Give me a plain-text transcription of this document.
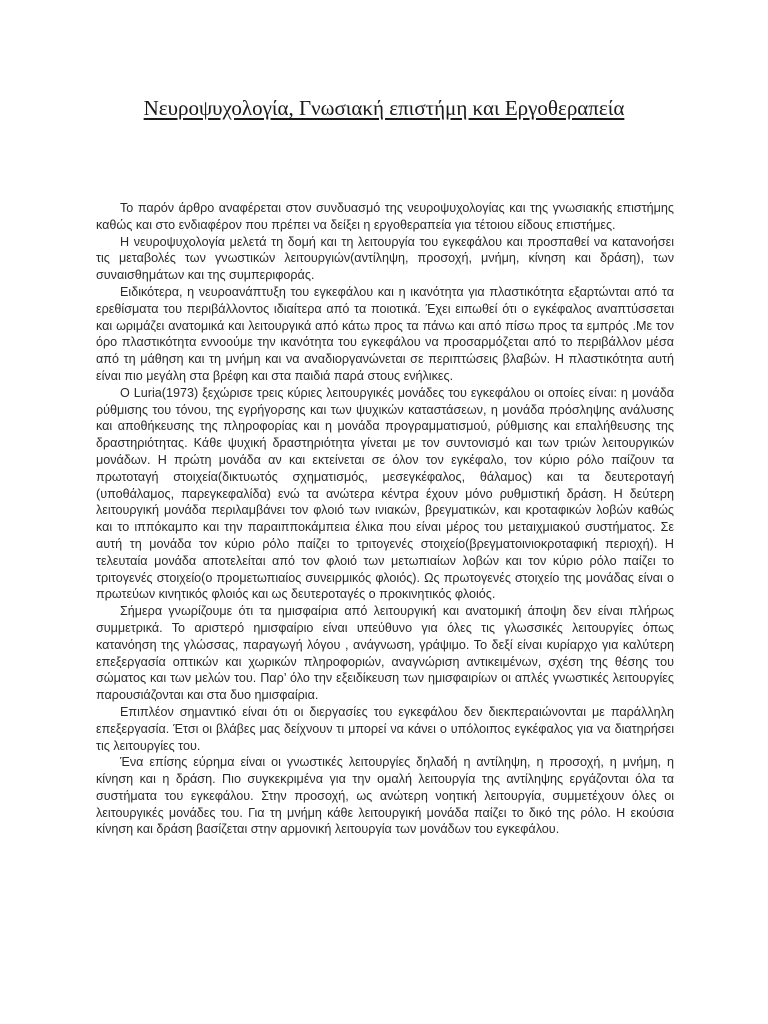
Νευροψυχολογία, Γνωσιακή επιστήμη και Εργοθεραπεία

Το παρόν άρθρο αναφέρεται στον συνδυασμό της νευροψυχολογίας και της γνωσιακής επιστήμης καθώς και στο ενδιαφέρον που πρέπει να δείξει η εργοθεραπεία για τέτοιου είδους επιστήμες.

Η νευροψυχολογία μελετά τη δομή και τη λειτουργία του εγκεφάλου και προσπαθεί να κατανοήσει τις μεταβολές των γνωστικών λειτουργιών(αντίληψη, προσοχή, μνήμη, κίνηση και δράση), των συναισθημάτων και της συμπεριφοράς.

Ειδικότερα, η νευροανάπτυξη του εγκεφάλου και η ικανότητα για πλαστικότητα εξαρτώνται από τα ερεθίσματα του περιβάλλοντος ιδιαίτερα από τα ποιοτικά. Έχει ειπωθεί ότι ο εγκέφαλος αναπτύσσεται και ωριμάζει ανατομικά και λειτουργικά από κάτω προς τα πάνω και από πίσω προς τα εμπρός .Με τον όρο πλαστικότητα εννοούμε την ικανότητα του εγκεφάλου να προσαρμόζεται από το περιβάλλον μέσα από τη μάθηση και τη μνήμη και να αναδιοργανώνεται σε περιπτώσεις βλαβών. Η πλαστικότητα αυτή είναι πιο μεγάλη στα βρέφη και στα παιδιά παρά στους ενήλικες.

Ο Luria(1973) ξεχώρισε τρεις κύριες λειτουργικές μονάδες του εγκεφάλου οι οποίες είναι: η μονάδα ρύθμισης του τόνου, της εγρήγορσης και των ψυχικών καταστάσεων, η μονάδα πρόσληψης ανάλυσης και αποθήκευσης της πληροφορίας και η μονάδα προγραμματισμού, ρύθμισης και επαλήθευσης της δραστηριότητας. Κάθε ψυχική δραστηριότητα γίνεται με τον συντονισμό και των τριών λειτουργικών μονάδων. Η πρώτη μονάδα αν και εκτείνεται σε όλον τον εγκέφαλο, τον κύριο ρόλο παίζουν τα πρωτοταγή στοιχεία(δικτυωτός σχηματισμός, μεσεγκέφαλος, θάλαμος) και τα δευτεροταγή (υποθάλαμος, παρεγκεφαλίδα) ενώ τα ανώτερα κέντρα έχουν μόνο ρυθμιστική δράση. Η δεύτερη λειτουργική μονάδα περιλαμβάνει τον φλοιό των ινιακών, βρεγματικών, και κροταφικών λοβών καθώς και το ιππόκαμπο και την παραιπποκάμπεια έλικα που είναι μέρος του μεταιχμιακού συστήματος. Σε αυτή τη μονάδα τον κύριο ρόλο παίζει το τριτογενές στοιχείο(βρεγματοινιοκροταφική περιοχή). Η τελευταία μονάδα αποτελείται από τον φλοιό των μετωπιαίων λοβών και τον κύριο ρόλο παίζει το τριτογενές στοιχείο(ο προμετωπιαίος συνειρμικός φλοιός). Ως πρωτογενές στοιχείο της μονάδας είναι ο πρωτεύων κινητικός φλοιός και ως δευτεροταγές ο προκινητικός φλοιός.

Σήμερα γνωρίζουμε ότι τα ημισφαίρια από λειτουργική και ανατομική άποψη δεν είναι πλήρως συμμετρικά. Το αριστερό ημισφαίριο είναι υπεύθυνο για όλες τις γλωσσικές λειτουργίες όπως κατανόηση της γλώσσας, παραγωγή λόγου , ανάγνωση, γράψιμο. Το δεξί είναι κυρίαρχο για καλύτερη επεξεργασία οπτικών και χωρικών πληροφοριών, αναγνώριση αντικειμένων, σχέση της θέσης του σώματος και των μελών του. Παρ’ όλο την εξειδίκευση των ημισφαιρίων οι απλές γνωστικές λειτουργίες παρουσιάζονται και στα δυο ημισφαίρια.

Επιπλέον σημαντικό είναι ότι οι διεργασίες του εγκεφάλου δεν διεκπεραιώνονται με παράλληλη επεξεργασία. Έτσι οι βλάβες μας δείχνουν τι μπορεί να κάνει ο υπόλοιπος εγκέφαλος για να διατηρήσει τις λειτουργίες του.

Ένα επίσης εύρημα είναι οι γνωστικές λειτουργίες δηλαδή η αντίληψη, η προσοχή, η μνήμη, η κίνηση και η δράση. Πιο συγκεκριμένα για την ομαλή λειτουργία της αντίληψης εργάζονται όλα τα συστήματα του εγκεφάλου. Στην προσοχή, ως ανώτερη νοητική λειτουργία, συμμετέχουν όλες οι λειτουργικές μονάδες του. Για τη μνήμη κάθε λειτουργική μονάδα παίζει το δικό της ρόλο. Η εκούσια κίνηση και δράση βασίζεται στην αρμονική λειτουργία των μονάδων του εγκεφάλου.
